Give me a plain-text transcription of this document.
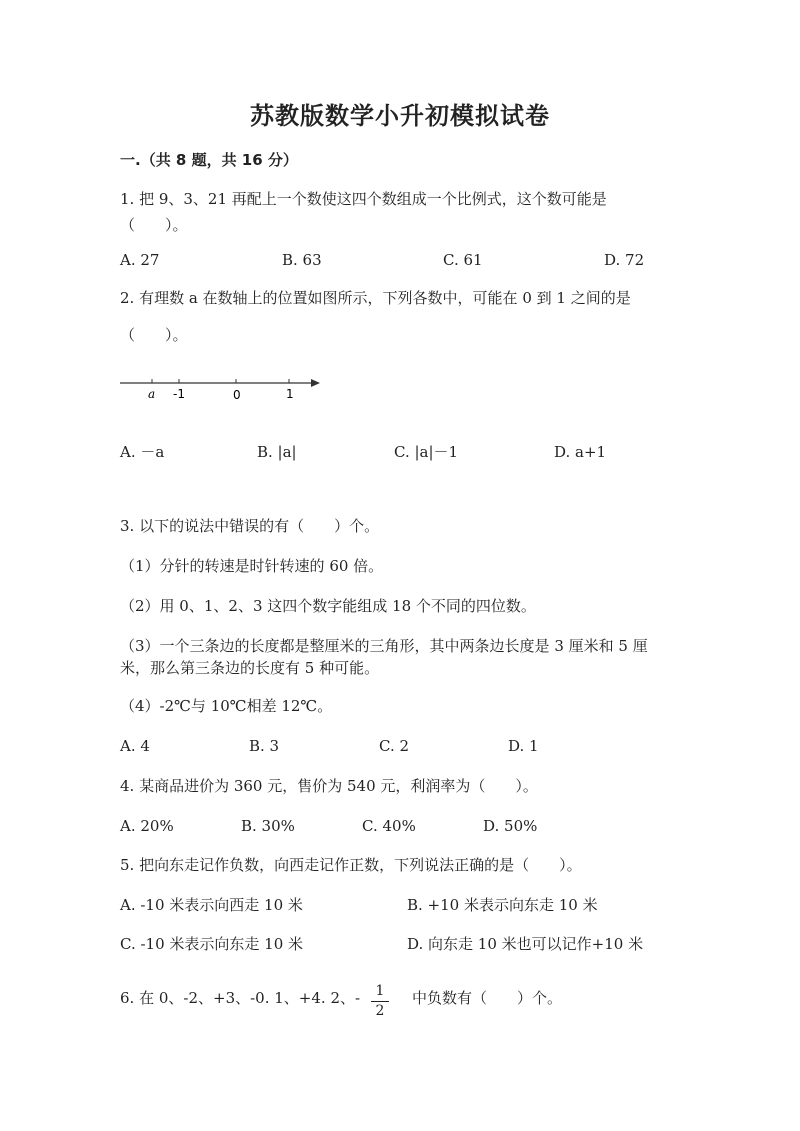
苏教版数学小升初模拟试卷
一.（共 8 题，共 16 分）
1. 把 9、3、21 再配上一个数使这四个数组成一个比例式，这个数可能是
（　　）。
A. 27	B. 63	C. 61	D. 72
2. 有理数 a 在数轴上的位置如图所示，下列各数中，可能在 0 到 1 之间的是
（　　）。
a -1	0	1
A. －a	B. |a|	C. |a|－1	D. a+1
3. 以下的说法中错误的有（　　）个。
（1）分针的转速是时针转速的 60 倍。
（2）用 0、1、2、3 这四个数字能组成 18 个不同的四位数。
（3）一个三条边的长度都是整厘米的三角形，其中两条边长度是 3 厘米和 5 厘
米，那么第三条边的长度有 5 种可能。
（4）-2℃与 10℃相差 12℃。
A. 4	B. 3	C. 2	D. 1
4. 某商品进价为 360 元，售价为 540 元，利润率为（　　）。
A. 20%	B. 30%	C. 40%	D. 50%
5. 把向东走记作负数，向西走记作正数，下列说法正确的是（　　）。
A. -10 米表示向西走 10 米	B. +10 米表示向东走 10 米
C. -10 米表示向东走 10 米	D. 向东走 10 米也可以记作+10 米
6. 在 0、-2、+3、-0. 1、+4. 2、-	1
2
中负数有（　　）个。
